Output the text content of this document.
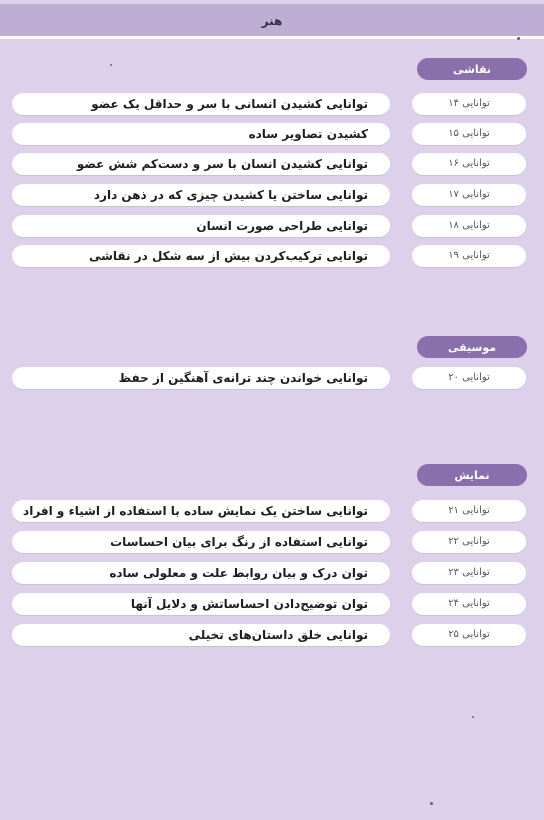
هنر
نقاشی
توانایی کشیدن انسانی با سر و حداقل یک عضو	توانایی ۱۴
کشیدن تصاویر ساده	توانایی ۱۵
توانایی کشیدن انسان با سر و دست‌کم شش عضو	توانایی ۱۶
توانایی ساختن یا کشیدن چیزی که در ذهن دارد	توانایی ۱۷
توانایی طراحی صورت انسان	توانایی ۱۸
توانایی ترکیب‌کردن بیش از سه شکل در نقاشی	توانایی ۱۹
موسیقی
توانایی خواندن چند ترانه‌ی آهنگین از حفظ	توانایی ۲۰
نمایش
توانایی ساختن یک نمایش ساده با استفاده از اشیاء و افراد	توانایی ۲۱
توانایی استفاده از رنگ برای بیان احساسات	توانایی ۲۲
توان درک و بیان روابط علت و معلولی ساده	توانایی ۲۳
توان توضیح‌دادن احساساتش و دلایل آنها	توانایی ۲۴
توانایی خلق داستان‌های تخیلی	توانایی ۲۵
